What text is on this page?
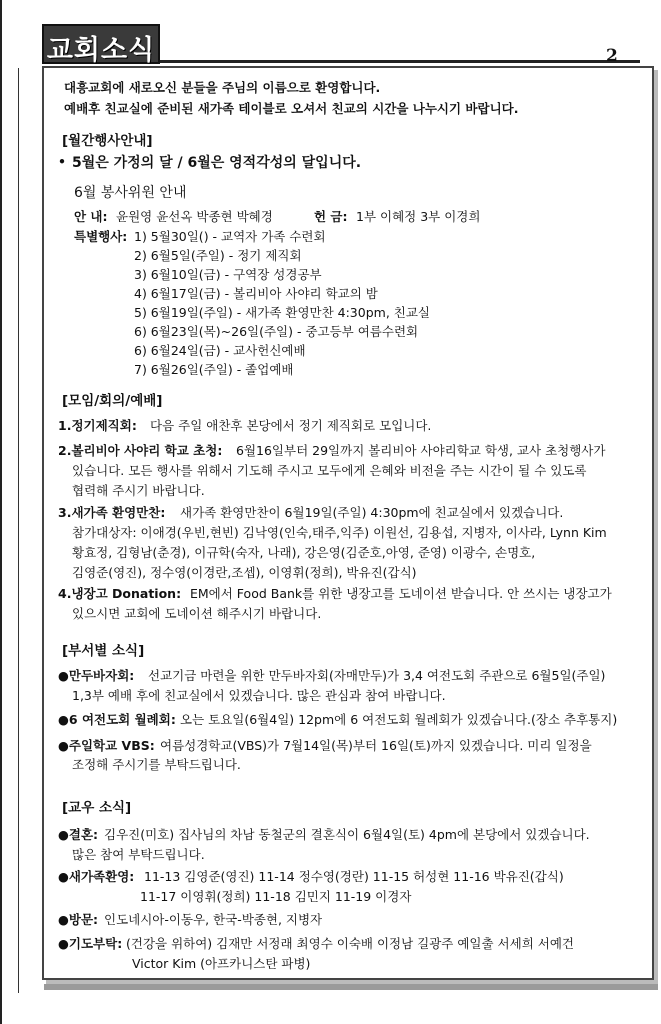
교회소식	2
대흥교회에 새로오신 분들을 주님의 이름으로 환영합니다.
예배후 친교실에 준비된 새가족 테이블로 오셔서 친교의 시간을 나누시기 바랍니다.
[월간행사안내]
• 5월은 가정의 달 / 6월은 영적각성의 달입니다.
6월 봉사위원 안내
안 내: 윤원영 윤선옥 박종현 박혜경	헌 금: 1부 이혜정 3부 이경희
특별행사: 1) 5월30일() - 교역자 가족 수련회
2) 6월5일(주일) - 정기 제직회
3) 6월10일(금) - 구역장 성경공부
4) 6월17일(금) - 볼리비아 사야리 학교의 밤
5) 6월19일(주일) - 새가족 환영만찬 4:30pm, 친교실
6) 6월23일(목)~26일(주일) - 중고등부 여름수련회
6) 6월24일(금) - 교사헌신예배
7) 6월26일(주일) - 졸업예배
[모임/회의/예배]
1.정기제직회: 다음 주일 애찬후 본당에서 정기 제직회로 모입니다.
2.볼리비아 사야리 학교 초청: 6월16일부터 29일까지 볼리비아 사야리학교 학생, 교사 초청행사가
있습니다. 모든 행사를 위해서 기도해 주시고 모두에게 은혜와 비전을 주는 시간이 될 수 있도록
협력해 주시기 바랍니다.
3.새가족 환영만찬: 새가족 환영만찬이 6월19일(주일) 4:30pm에 친교실에서 있겠습니다.
참가대상자: 이애경(우빈,현빈) 김낙영(인숙,태주,익주) 이원선, 김용섭, 지병자, 이사라, Lynn Kim
황효정, 김형남(춘경), 이규학(숙자, 나래), 강은영(김준호,아영, 준영) 이광수, 손명호,
김영준(영진), 정수영(이경란,조셉), 이영휘(정희), 박유진(갑식)
4.냉장고 Donation: EM에서 Food Bank를 위한 냉장고를 도네이션 받습니다. 안 쓰시는 냉장고가
있으시면 교회에 도네이션 해주시기 바랍니다.
[부서별 소식]
●만두바자회: 선교기금 마련을 위한 만두바자회(자매만두)가 3,4 여전도회 주관으로 6월5일(주일)
1,3부 예배 후에 친교실에서 있겠습니다. 많은 관심과 참여 바랍니다.
●6 여전도회 월례회: 오는 토요일(6월4일) 12pm에 6 여전도회 월례회가 있겠습니다.(장소 추후통지)
●주일학교 VBS: 여름성경학교(VBS)가 7월14일(목)부터 16일(토)까지 있겠습니다. 미리 일정을
조정해 주시기를 부탁드립니다.
[교우 소식]
●결혼: 김우진(미호) 집사님의 차남 동철군의 결혼식이 6월4일(토) 4pm에 본당에서 있겠습니다.
많은 참여 부탁드립니다.
●새가족환영: 11-13 김영준(영진) 11-14 정수영(경란) 11-15 허성현 11-16 박유진(갑식)
11-17 이영휘(정희) 11-18 김민지 11-19 이경자
●방문: 인도네시아-이동우, 한국-박종현, 지병자
●기도부탁: (건강을 위하여) 김재만 서정래 최영수 이숙배 이정남 길광주 예일출 서세희 서예건
Victor Kim (아프카니스탄 파병)
